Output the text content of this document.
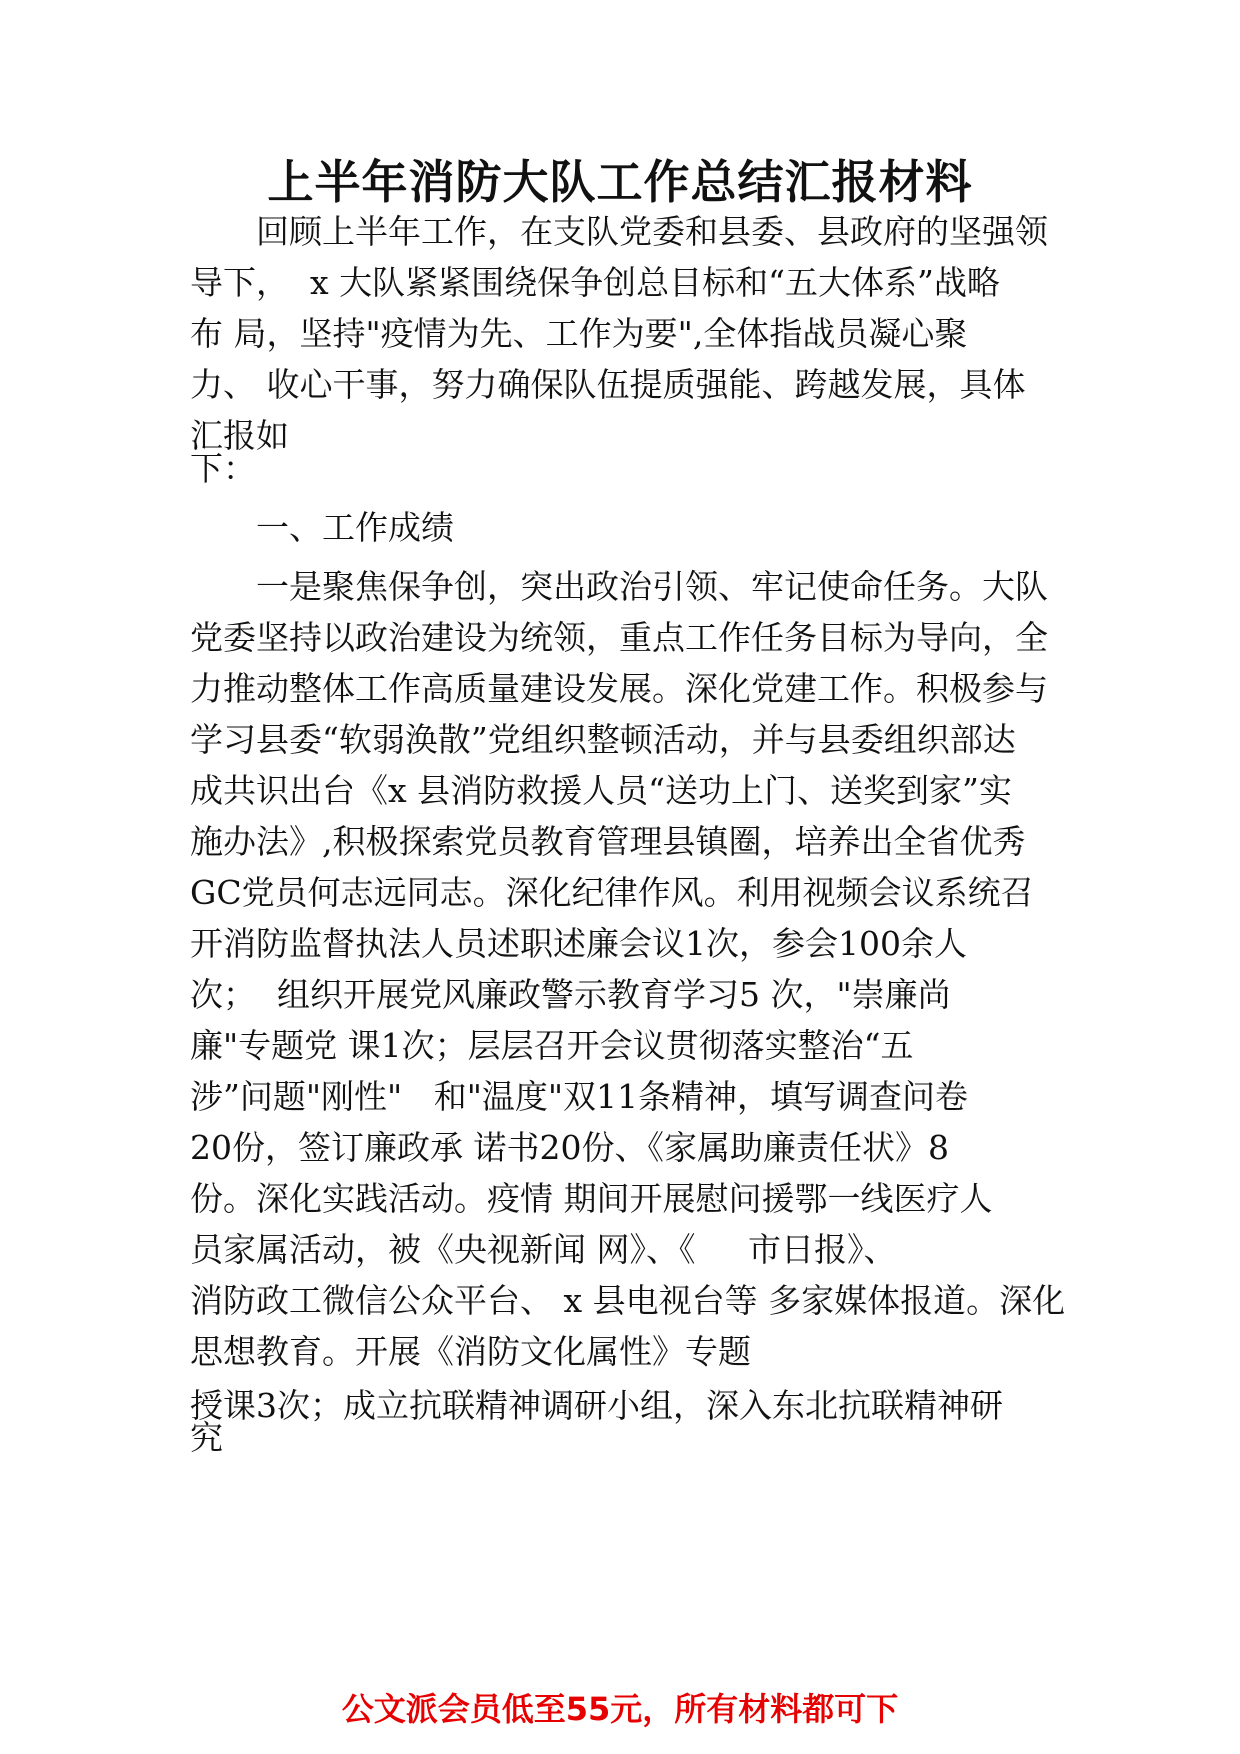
上半年消防大队工作总结汇报材料
回顾上半年工作，在支队党委和县委、县政府的坚强领
导下，  x 大队紧紧围绕保争创总目标和“五大体系”战略
布 局，坚持"疫情为先、工作为要",全体指战员凝心聚
力、 收心干事，努力确保队伍提质强能、跨越发展，具体
汇报如
下：
一、工作成绩
一是聚焦保争创，突出政治引领、牢记使命任务。大队
党委坚持以政治建设为统领，重点工作任务目标为导向，全
力推动整体工作高质量建设发展。深化党建工作。积极参与
学习县委“软弱涣散”党组织整顿活动，并与县委组织部达
成共识出台《x 县消防救援人员“送功上门、送奖到家”实
施办法》,积极探索党员教育管理县镇圈，培养出全省优秀
GC党员何志远同志。深化纪律作风。利用视频会议系统召
开消防监督执法人员述职述廉会议1次，参会100余人
次；  组织开展党风廉政警示教育学习5 次，"崇廉尚
廉"专题党 课1次；层层召开会议贯彻落实整治“五
涉”问题"刚性"   和"温度"双11条精神，填写调查问卷
20份，签订廉政承 诺书20份、《家属助廉责任状》8
份。深化实践活动。疫情 期间开展慰问援鄂一线医疗人
员家属活动，被《央视新闻 网》、《     市日报》、
消防政工微信公众平台、 x 县电视台等 多家媒体报道。深化
思想教育。开展《消防文化属性》专题
授课3次；成立抗联精神调研小组，深入东北抗联精神研
究
公文派会员低至55元，所有材料都可下
